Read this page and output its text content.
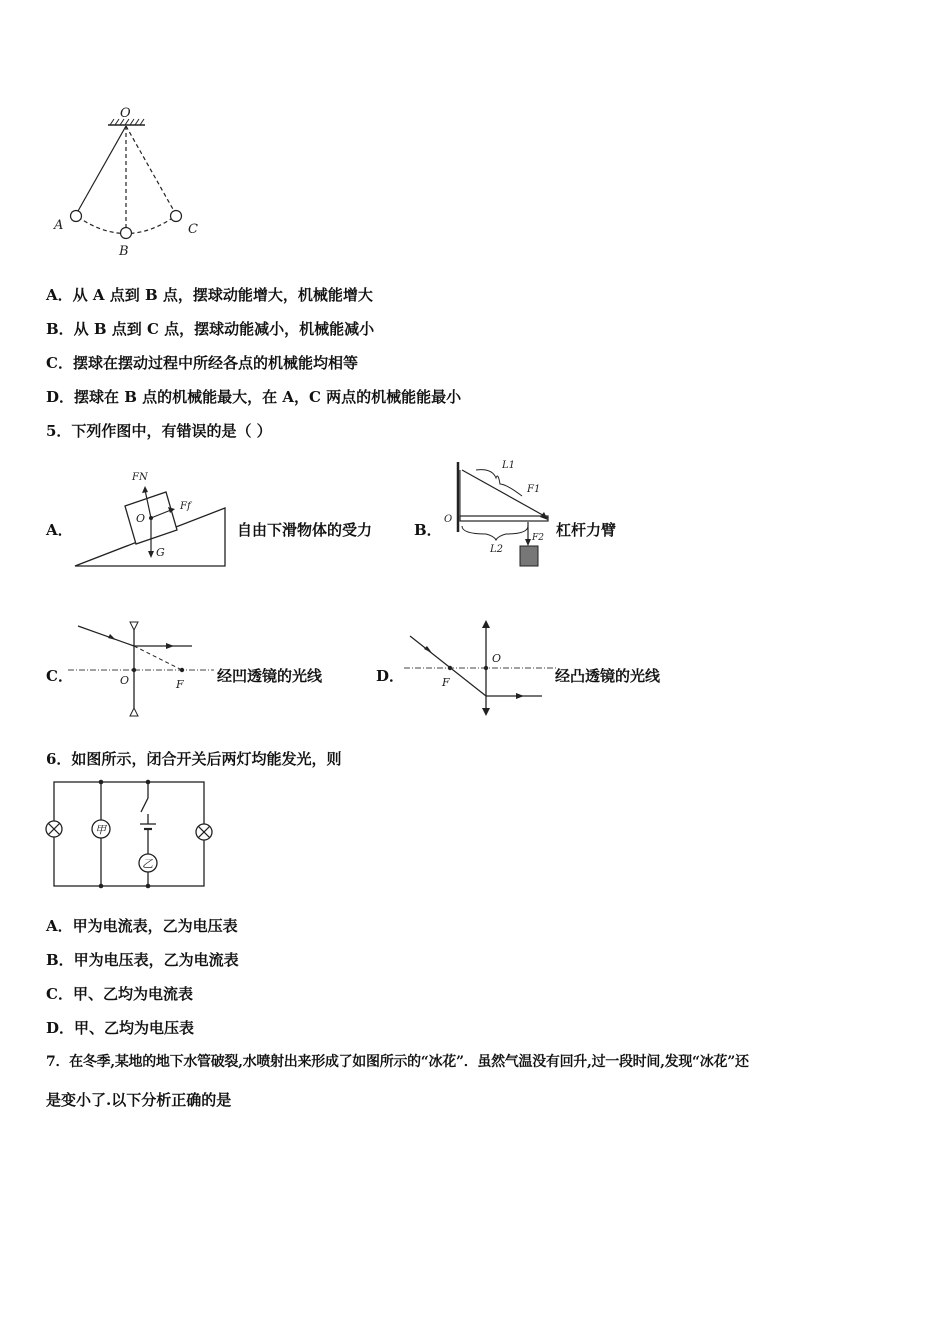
O
A
B
C
A．从 A 点到 B 点，摆球动能增大，机械能增大
B．从 B 点到 C 点，摆球动能减小，机械能减小
C．摆球在摆动过程中所经各点的机械能均相等
D．摆球在 B 点的机械能最大，在 A，C 两点的机械能能最小
5．下列作图中，有错误的是（ ）
A．
FN
Ff
O
G
自由下滑物体的受力	B．
L1
F1
O
L2
F2 杠杆力臂
C．	O	F 经凹透镜的光线	D．
O
F	经凸透镜的光线
6．如图所示，闭合开关后两灯均能发光，则
甲
乙
A．甲为电流表，乙为电压表
B．甲为电压表，乙为电流表
C．甲、乙均为电流表
D．甲、乙均为电压表
7．在冬季,某地的地下水管破裂,水喷射出来形成了如图所示的“冰花”．虽然气温没有回升,过一段时间,发现“冰花”还
是变小了.以下分析正确的是
